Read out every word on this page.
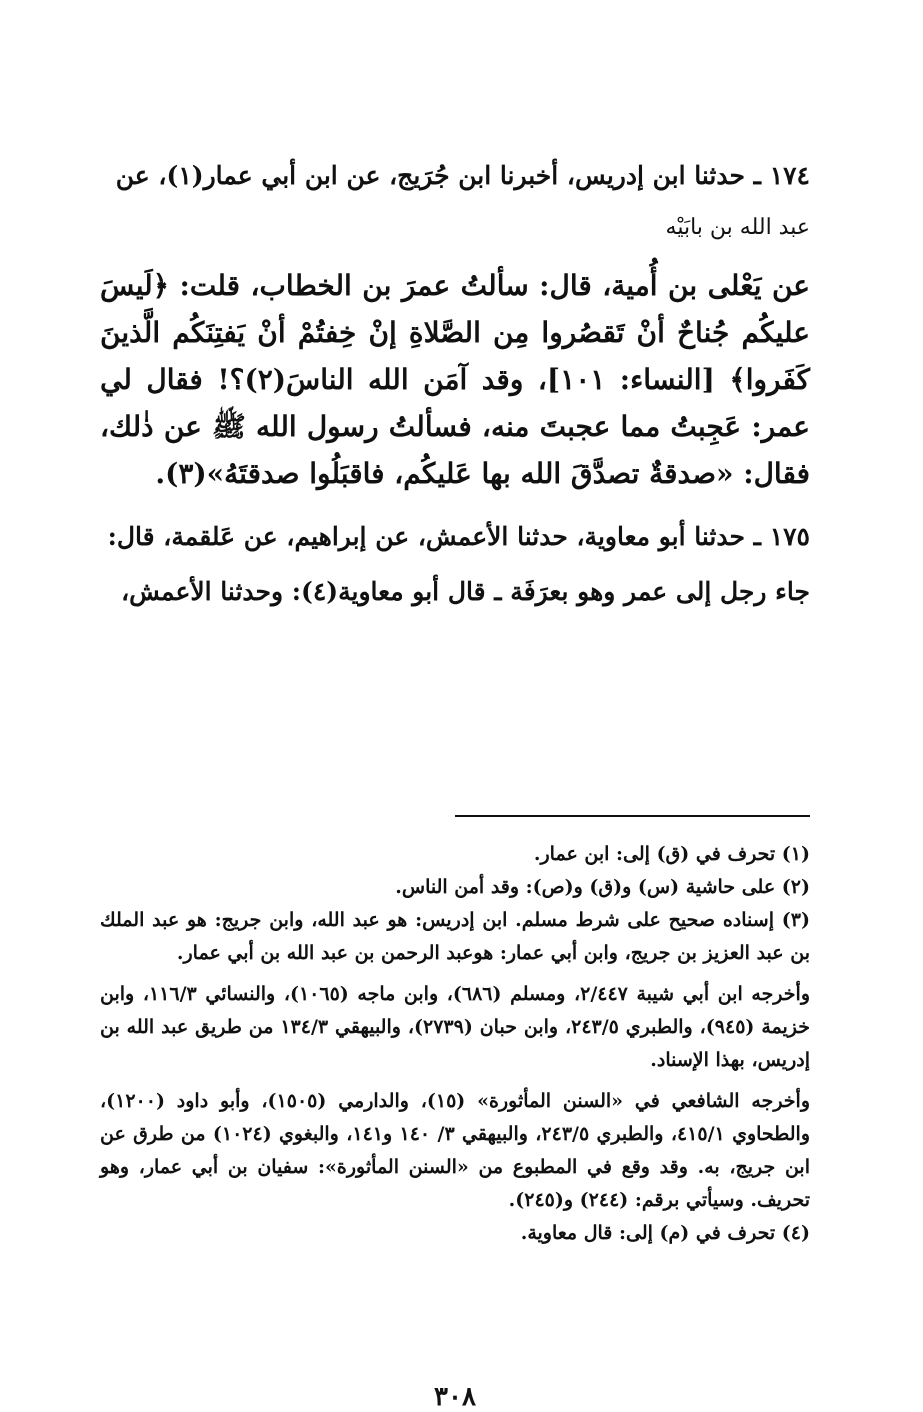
١٧٤ ـ حدثنا ابن إدريس، أخبرنا ابن جُرَيج، عن ابن أبي عمار(١)، عن
عبد الله بن بابَيْه

عن يَعْلى بن أُمية، قال: سألتُ عمرَ بن الخطاب، قلت: ﴿لَيسَ عليكُم جُناحٌ أنْ تَقصُروا مِن الصَّلاةِ إنْ خِفتُمْ أنْ يَفتِنَكُم الَّذينَ كَفَروا﴾ [النساء: ١٠١]، وقد آمَن الله الناسَ(٢)؟! فقال لي عمر: عَجِبتُ مما عجبتَ منه، فسألتُ رسول الله ﷺ عن ذٰلك، فقال: «صدقةٌ تصدَّقَ الله بها عَليكُم، فاقبَلُوا صدقتَهُ»(٣).

١٧٥ ـ حدثنا أبو معاوية، حدثنا الأعمش، عن إبراهيم، عن عَلقمة، قال:
جاء رجل إلى عمر وهو بعرَفَة ـ قال أبو معاوية(٤): وحدثنا الأعمش،

(١) تحرف في (ق) إلى: ابن عمار.

(٢) على حاشية (س) و(ق) و(ص): وقد أمن الناس.

(٣) إسناده صحيح على شرط مسلم. ابن إدريس: هو عبد الله، وابن جريج: هو عبد الملك بن عبد العزيز بن جريج، وابن أبي عمار: هوعبد الرحمن بن عبد الله بن أبي عمار.

وأخرجه ابن أبي شيبة ٢/٤٤٧، ومسلم (٦٨٦)، وابن ماجه (١٠٦٥)، والنسائي ١١٦/٣، وابن خزيمة (٩٤٥)، والطبري ٢٤٣/٥، وابن حبان (٢٧٣٩)، والبيهقي ١٣٤/٣ من طريق عبد الله بن إدريس، بهذا الإسناد.

وأخرجه الشافعي في «السنن المأثورة» (١٥)، والدارمي (١٥٠٥)، وأبو داود (١٢٠٠)، والطحاوي ٤١٥/١، والطبري ٢٤٣/٥، والبيهقي ٣/ ١٤٠ و١٤١، والبغوي (١٠٢٤) من طرق عن ابن جريج، به. وقد وقع في المطبوع من «السنن المأثورة»: سفيان بن أبي عمار، وهو تحريف. وسيأتي برقم: (٢٤٤) و(٢٤٥).

(٤) تحرف في (م) إلى: قال معاوية.

٣٠٨
